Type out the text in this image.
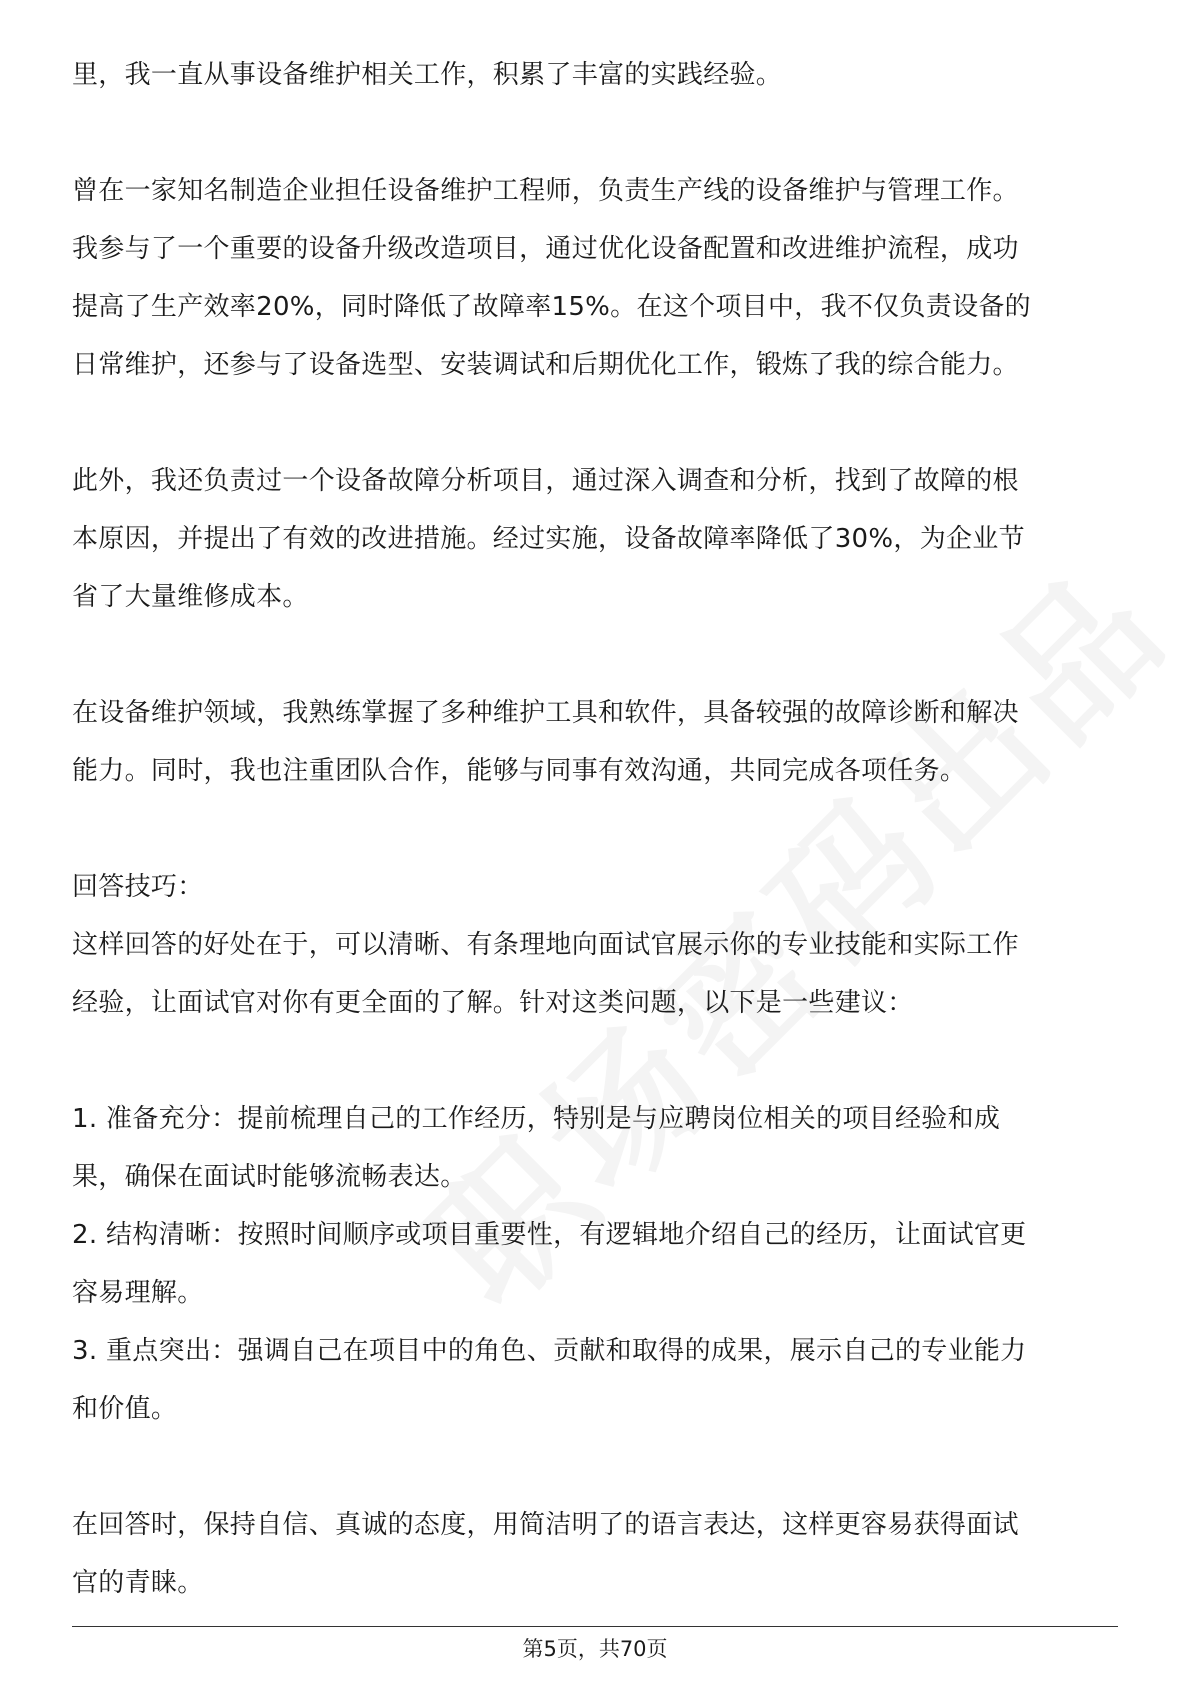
里，我一直从事设备维护相关工作，积累了丰富的实践经验。
曾在一家知名制造企业担任设备维护工程师，负责生产线的设备维护与管理工作。
我参与了一个重要的设备升级改造项目，通过优化设备配置和改进维护流程，成功
提高了生产效率20%，同时降低了故障率15%。在这个项目中，我不仅负责设备的
日常维护，还参与了设备选型、安装调试和后期优化工作，锻炼了我的综合能力。
此外，我还负责过一个设备故障分析项目，通过深入调查和分析，找到了故障的根
本原因，并提出了有效的改进措施。经过实施，设备故障率降低了30%，为企业节
省了大量维修成本。
在设备维护领域，我熟练掌握了多种维护工具和软件，具备较强的故障诊断和解决
能力。同时，我也注重团队合作，能够与同事有效沟通，共同完成各项任务。
回答技巧：
这样回答的好处在于，可以清晰、有条理地向面试官展示你的专业技能和实际工作
经验，让面试官对你有更全面的了解。针对这类问题，以下是一些建议：
1. 准备充分：提前梳理自己的工作经历，特别是与应聘岗位相关的项目经验和成
果，确保在面试时能够流畅表达。
2. 结构清晰：按照时间顺序或项目重要性，有逻辑地介绍自己的经历，让面试官更
容易理解。
3. 重点突出：强调自己在项目中的角色、贡献和取得的成果，展示自己的专业能力
和价值。
在回答时，保持自信、真诚的态度，用简洁明了的语言表达，这样更容易获得面试
官的青睐。
第5页，共70页
